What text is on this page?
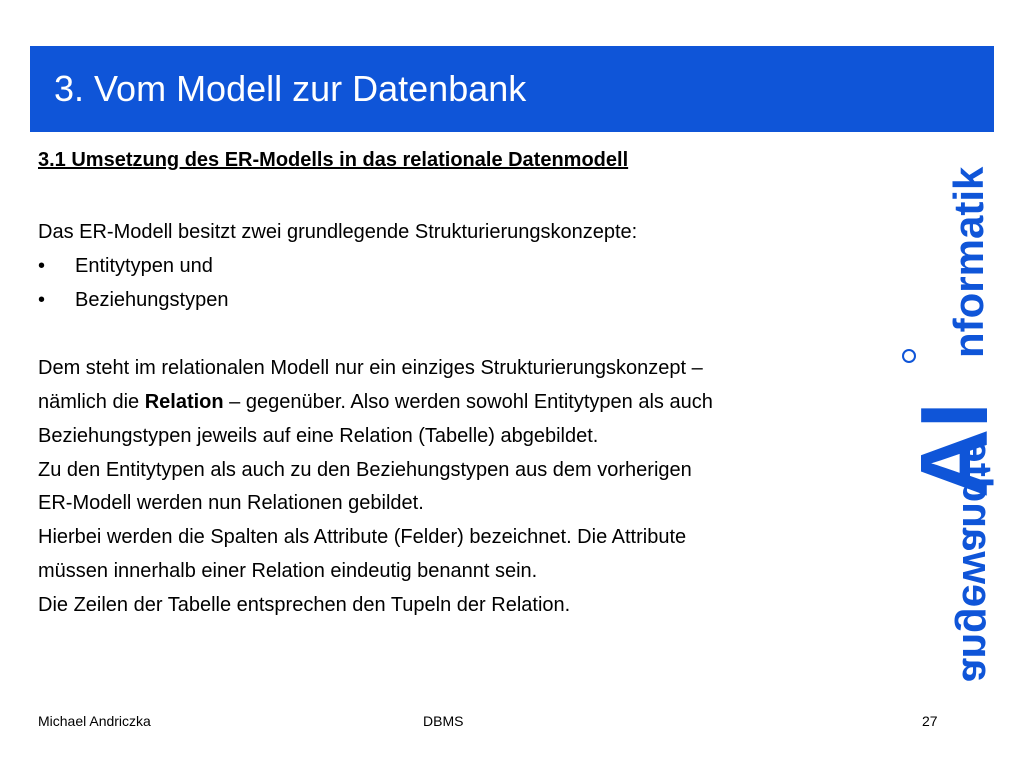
3. Vom Modell zur Datenbank
3.1 Umsetzung des ER-Modells in das relationale Datenmodell
Das ER-Modell besitzt zwei grundlegende Strukturierungskonzepte:
• Entitytypen und
• Beziehungstypen
Dem steht im relationalen Modell nur ein einziges Strukturierungskonzept –
nämlich die Relation – gegenüber. Also werden sowohl Entitytypen als auch
Beziehungstypen jeweils auf eine Relation (Tabelle) abgebildet.
Zu den Entitytypen als auch zu den Beziehungstypen aus dem vorherigen
ER-Modell werden nun Relationen gebildet.
Hierbei werden die Spalten als Attribute (Felder) bezeichnet. Die Attribute
müssen innerhalb einer Relation eindeutig benannt sein.
Die Zeilen der Tabelle entsprechen den Tupeln der Relation.	angewandte
AI
nformatik
Michael Andriczka	DBMS	27
